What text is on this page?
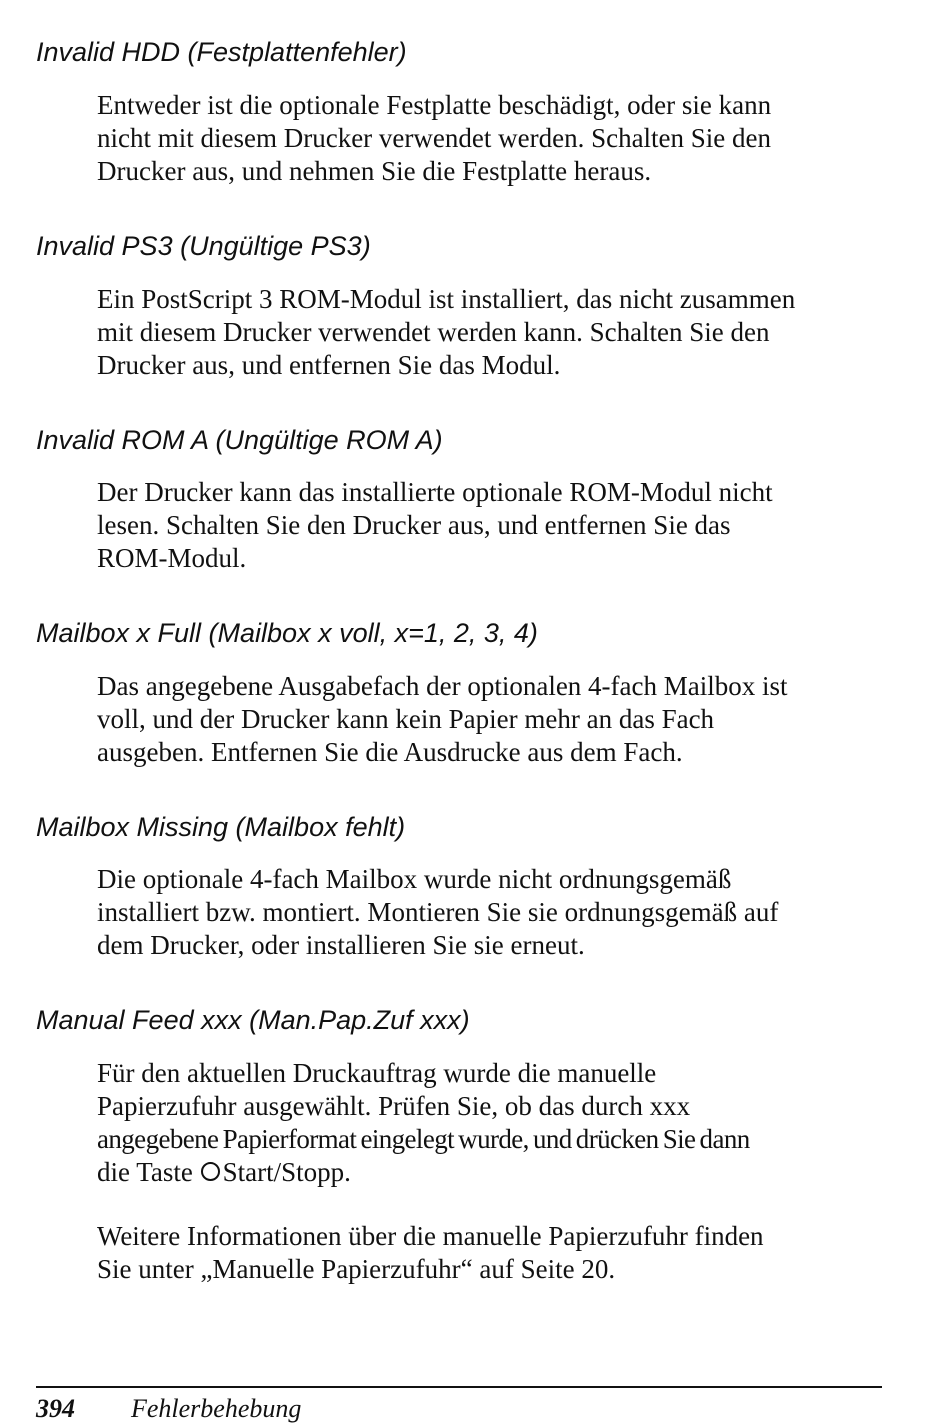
Invalid HDD (Festplattenfehler)
Entweder ist die optionale Festplatte beschädigt, oder sie kann
nicht mit diesem Drucker verwendet werden. Schalten Sie den
Drucker aus, und nehmen Sie die Festplatte heraus.
Invalid PS3 (Ungültige PS3)
Ein PostScript 3 ROM-Modul ist installiert, das nicht zusammen
mit diesem Drucker verwendet werden kann. Schalten Sie den
Drucker aus, und entfernen Sie das Modul.
Invalid ROM A (Ungültige ROM A)
Der Drucker kann das installierte optionale ROM-Modul nicht
lesen. Schalten Sie den Drucker aus, und entfernen Sie das
ROM-Modul.
Mailbox x Full (Mailbox x voll, x=1, 2, 3, 4)
Das angegebene Ausgabefach der optionalen 4-fach Mailbox ist
voll, und der Drucker kann kein Papier mehr an das Fach
ausgeben. Entfernen Sie die Ausdrucke aus dem Fach.
Mailbox Missing (Mailbox fehlt)
Die optionale 4-fach Mailbox wurde nicht ordnungsgemäß
installiert bzw. montiert. Montieren Sie sie ordnungsgemäß auf
dem Drucker, oder installieren Sie sie erneut.
Manual Feed xxx (Man.Pap.Zuf xxx)
Für den aktuellen Druckauftrag wurde die manuelle
Papierzufuhr ausgewählt. Prüfen Sie, ob das durch xxx
angegebene Papierformat eingelegt wurde, und drücken Sie dann
die Taste Start/Stopp.
Weitere Informationen über die manuelle Papierzufuhr finden
Sie unter „Manuelle Papierzufuhr“ auf Seite 20.
394 Fehlerbehebung
